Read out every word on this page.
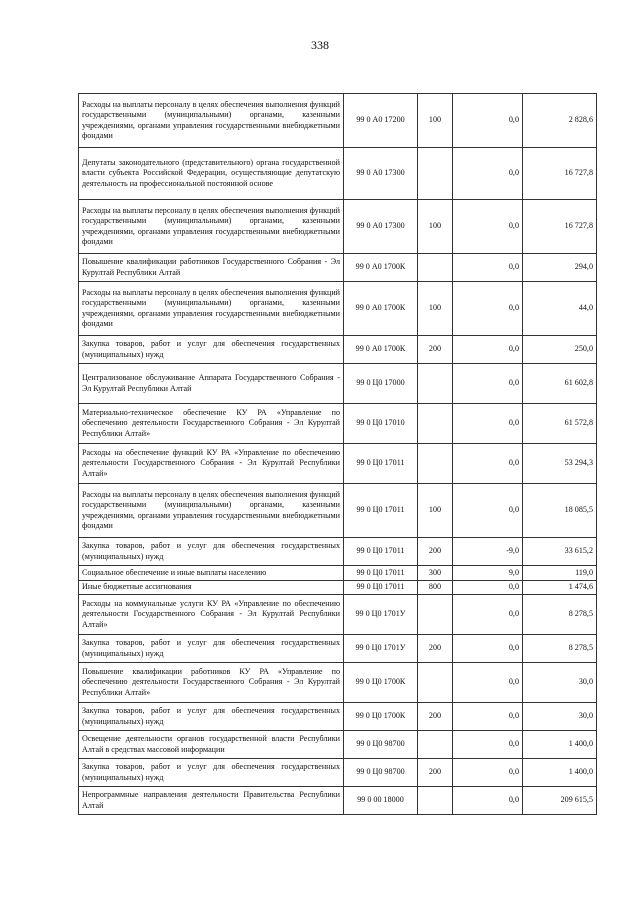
338
Расходы на выплаты персоналу в целях обеспечения выполнения функций государственными (муниципальными) органами, казенными учреждениями, органами управления государственными внебюджетными фондами	99 0 А0 17200	100	0,0	2 828,6
Депутаты законодательного (представительного) органа государственной власти субъекта Российской Федерации, осуществляющие депутатскую деятельность на профессиональной постоянной основе	99 0 А0 17300		0,0	16 727,8
Расходы на выплаты персоналу в целях обеспечения выполнения функций государственными (муниципальными) органами, казенными учреждениями, органами управления государственными внебюджетными фондами	99 0 А0 17300	100	0,0	16 727,8
Повышение квалификации работников Государственного Собрания - Эл Курултай Республики Алтай	99 0 А0 1700К		0,0	294,0
Расходы на выплаты персоналу в целях обеспечения выполнения функций государственными (муниципальными) органами, казенными учреждениями, органами управления государственными внебюджетными фондами	99 0 А0 1700К	100	0,0	44,0
Закупка товаров, работ и услуг для обеспечения государственных (муниципальных) нужд	99 0 А0 1700К	200	0,0	250,0
Централизованое обслуживание Аппарата Государственного Собрания - Эл Курултай Республики Алтай	99 0 Ц0 17000		0,0	61 602,8
Материально-техническое обеспечение КУ РА «Управление по обеспечению деятельности Государственного Собрания - Эл Курултай Республики Алтай»	99 0 Ц0 17010		0,0	61 572,8
Расходы на обеспечение функций КУ РА «Управление по обеспечению деятельности Государственного Собрания - Эл Курултай Республики Алтай»	99 0 Ц0 17011		0,0	53 294,3
Расходы на выплаты персоналу в целях обеспечения выполнения функций государственными (муниципальными) органами, казенными учреждениями, органами управления государственными внебюджетными фондами	99 0 Ц0 17011	100	0,0	18 085,5
Закупка товаров, работ и услуг для обеспечения государственных (муниципальных) нужд	99 0 Ц0 17011	200	-9,0	33 615,2
Социальное обеспечение и иные выплаты населению	99 0 Ц0 17011	300	9,0	119,0
Иные бюджетные ассигнования	99 0 Ц0 17011	800	0,0	1 474,6
Расходы на коммунальные услуги КУ РА «Управление по обеспечению деятельности Государственного Собрания - Эл Курултай Республики Алтай»	99 0 Ц0 1701У		0,0	8 278,5
Закупка товаров, работ и услуг для обеспечения государственных (муниципальных) нужд	99 0 Ц0 1701У	200	0,0	8 278,5
Повышение квалификации работников КУ РА «Управление по обеспечению деятельности Государственного Собрания - Эл Курултай Республики Алтай»	99 0 Ц0 1700К		0,0	30,0
Закупка товаров, работ и услуг для обеспечения государственных (муниципальных) нужд	99 0 Ц0 1700К	200	0,0	30,0
Освещение деятельности органов государственной власти Республики Алтай в средствах массовой информации	99 0 Ц0 98700		0,0	1 400,0
Закупка товаров, работ и услуг для обеспечения государственных (муниципальных) нужд	99 0 Ц0 98700	200	0,0	1 400,0
Непрограммные направления деятельности Правительства Республики Алтай	99 0 00 18000		0,0	209 615,5
